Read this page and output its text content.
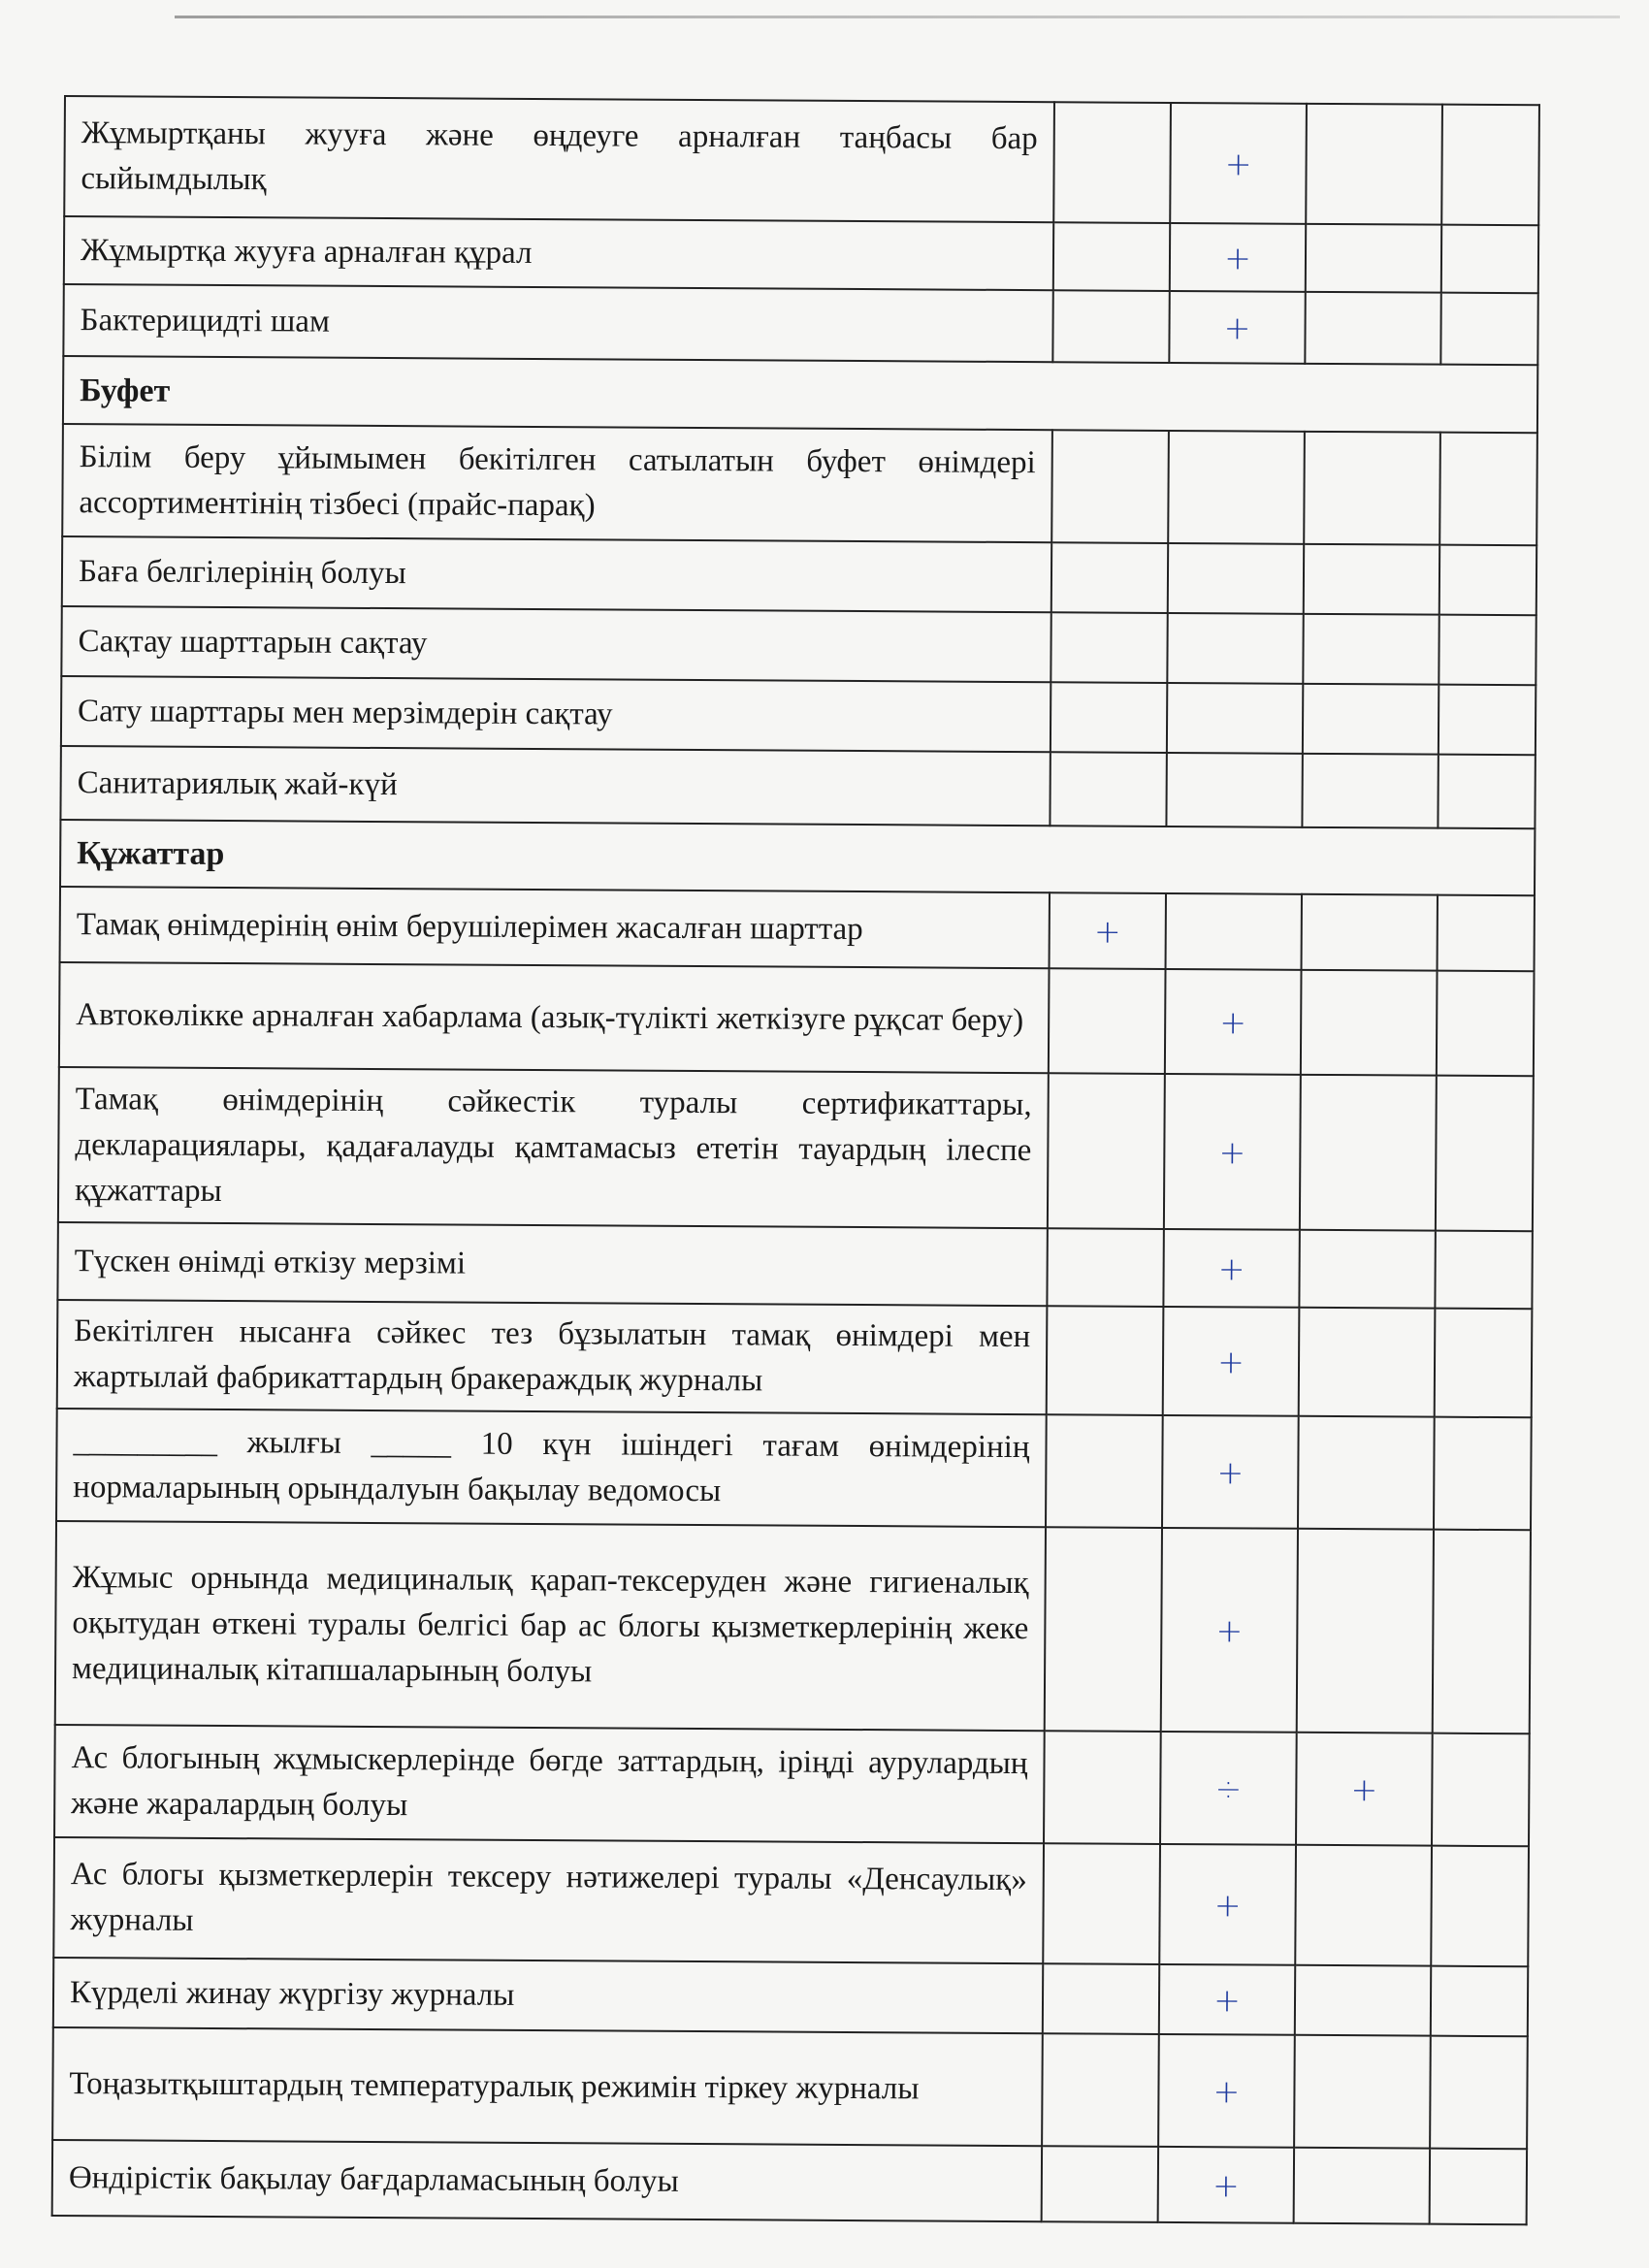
Жұмыртқаны жууға және өңдеуге арналған таңбасы бар сыйымдылық		+		
Жұмыртқа жууға арналған құрал		+		
Бактерицидті шам		+		
Буфет				
Білім беру ұйымымен бекітілген сатылатын буфет өнімдері ассортиментінің тізбесі (прайс-парақ)				
Баға белгілерінің болуы				
Сақтау шарттарын сақтау				
Сату шарттары мен мерзімдерін сақтау				
Санитариялық жай-күй				
Құжаттар				
Тамақ өнімдерінің өнім берушілерімен жасалған шарттар	+			
Автокөлікке арналған хабарлама (азық-түлікті жеткізуге рұқсат беру)		+		
Тамақ өнімдерінің сәйкестік туралы сертификаттары, декларациялары, қадағалауды қамтамасыз ететін тауардың ілеспе құжаттары		+		
Түскен өнімді өткізу мерзімі		+		
Бекітілген нысанға сәйкес тез бұзылатын тамақ өнімдері мен жартылай фабрикаттардың бракераждық журналы		+		
_________ жылғы _____ 10 күн ішіндегі тағам өнімдерінің нормаларының орындалуын бақылау ведомосы		+		
Жұмыс орнында медициналық қарап-тексеруден және гигиеналық оқытудан өткені туралы белгісі бар ас блогы қызметкерлерінің жеке медициналық кітапшаларының болуы		+		
Ас блогының жұмыскерлерінде бөгде заттардың, іріңді аурулардың және жаралардың болуы		÷	+	
Ас блогы қызметкерлерін тексеру нәтижелері туралы «Денсаулық» журналы		+		
Күрделі жинау жүргізу журналы		+		
Тоңазытқыштардың температуралық режимін тіркеу журналы		+		
Өндірістік бақылау бағдарламасының болуы		+		
